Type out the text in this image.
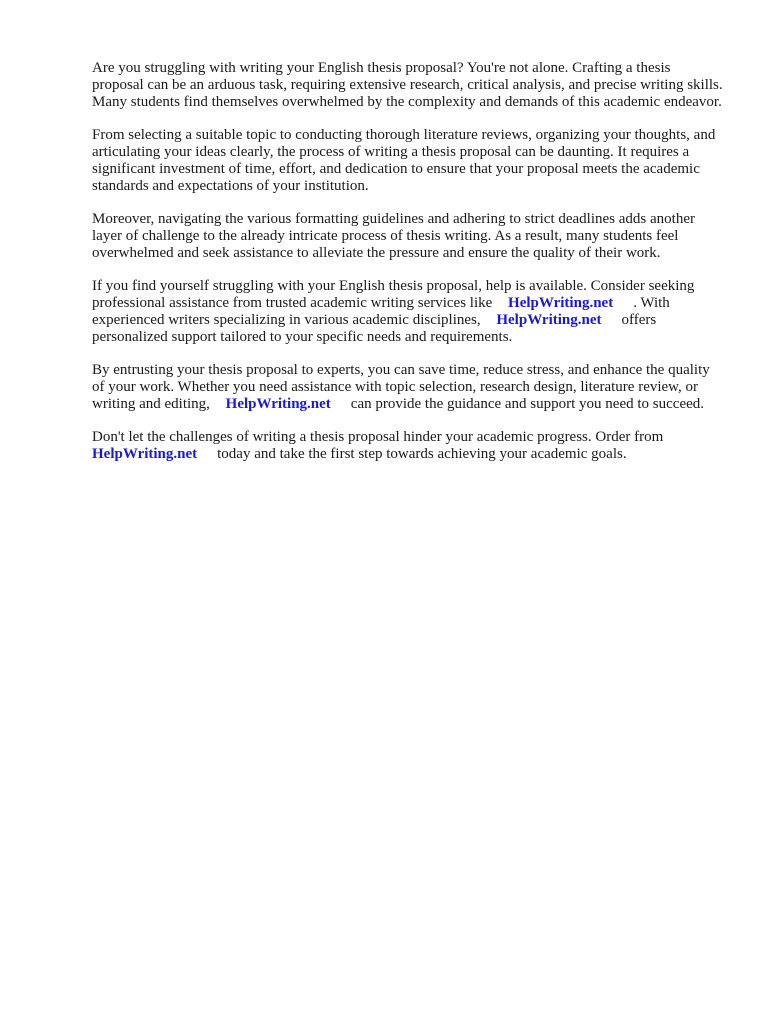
Are you struggling with writing your English thesis proposal? You're not alone. Crafting a thesis proposal can be an arduous task, requiring extensive research, critical analysis, and precise writing skills. Many students find themselves overwhelmed by the complexity and demands of this academic endeavor.

From selecting a suitable topic to conducting thorough literature reviews, organizing your thoughts, and articulating your ideas clearly, the process of writing a thesis proposal can be daunting. It requires a significant investment of time, effort, and dedication to ensure that your proposal meets the academic standards and expectations of your institution.

Moreover, navigating the various formatting guidelines and adhering to strict deadlines adds another layer of challenge to the already intricate process of thesis writing. As a result, many students feel overwhelmed and seek assistance to alleviate the pressure and ensure the quality of their work.

If you find yourself struggling with your English thesis proposal, help is available. Consider seeking professional assistance from trusted academic writing services like HelpWriting.net . With experienced writers specializing in various academic disciplines, HelpWriting.net offers personalized support tailored to your specific needs and requirements.

By entrusting your thesis proposal to experts, you can save time, reduce stress, and enhance the quality of your work. Whether you need assistance with topic selection, research design, literature review, or writing and editing, HelpWriting.net can provide the guidance and support you need to succeed.

Don't let the challenges of writing a thesis proposal hinder your academic progress. Order from HelpWriting.net today and take the first step towards achieving your academic goals.
